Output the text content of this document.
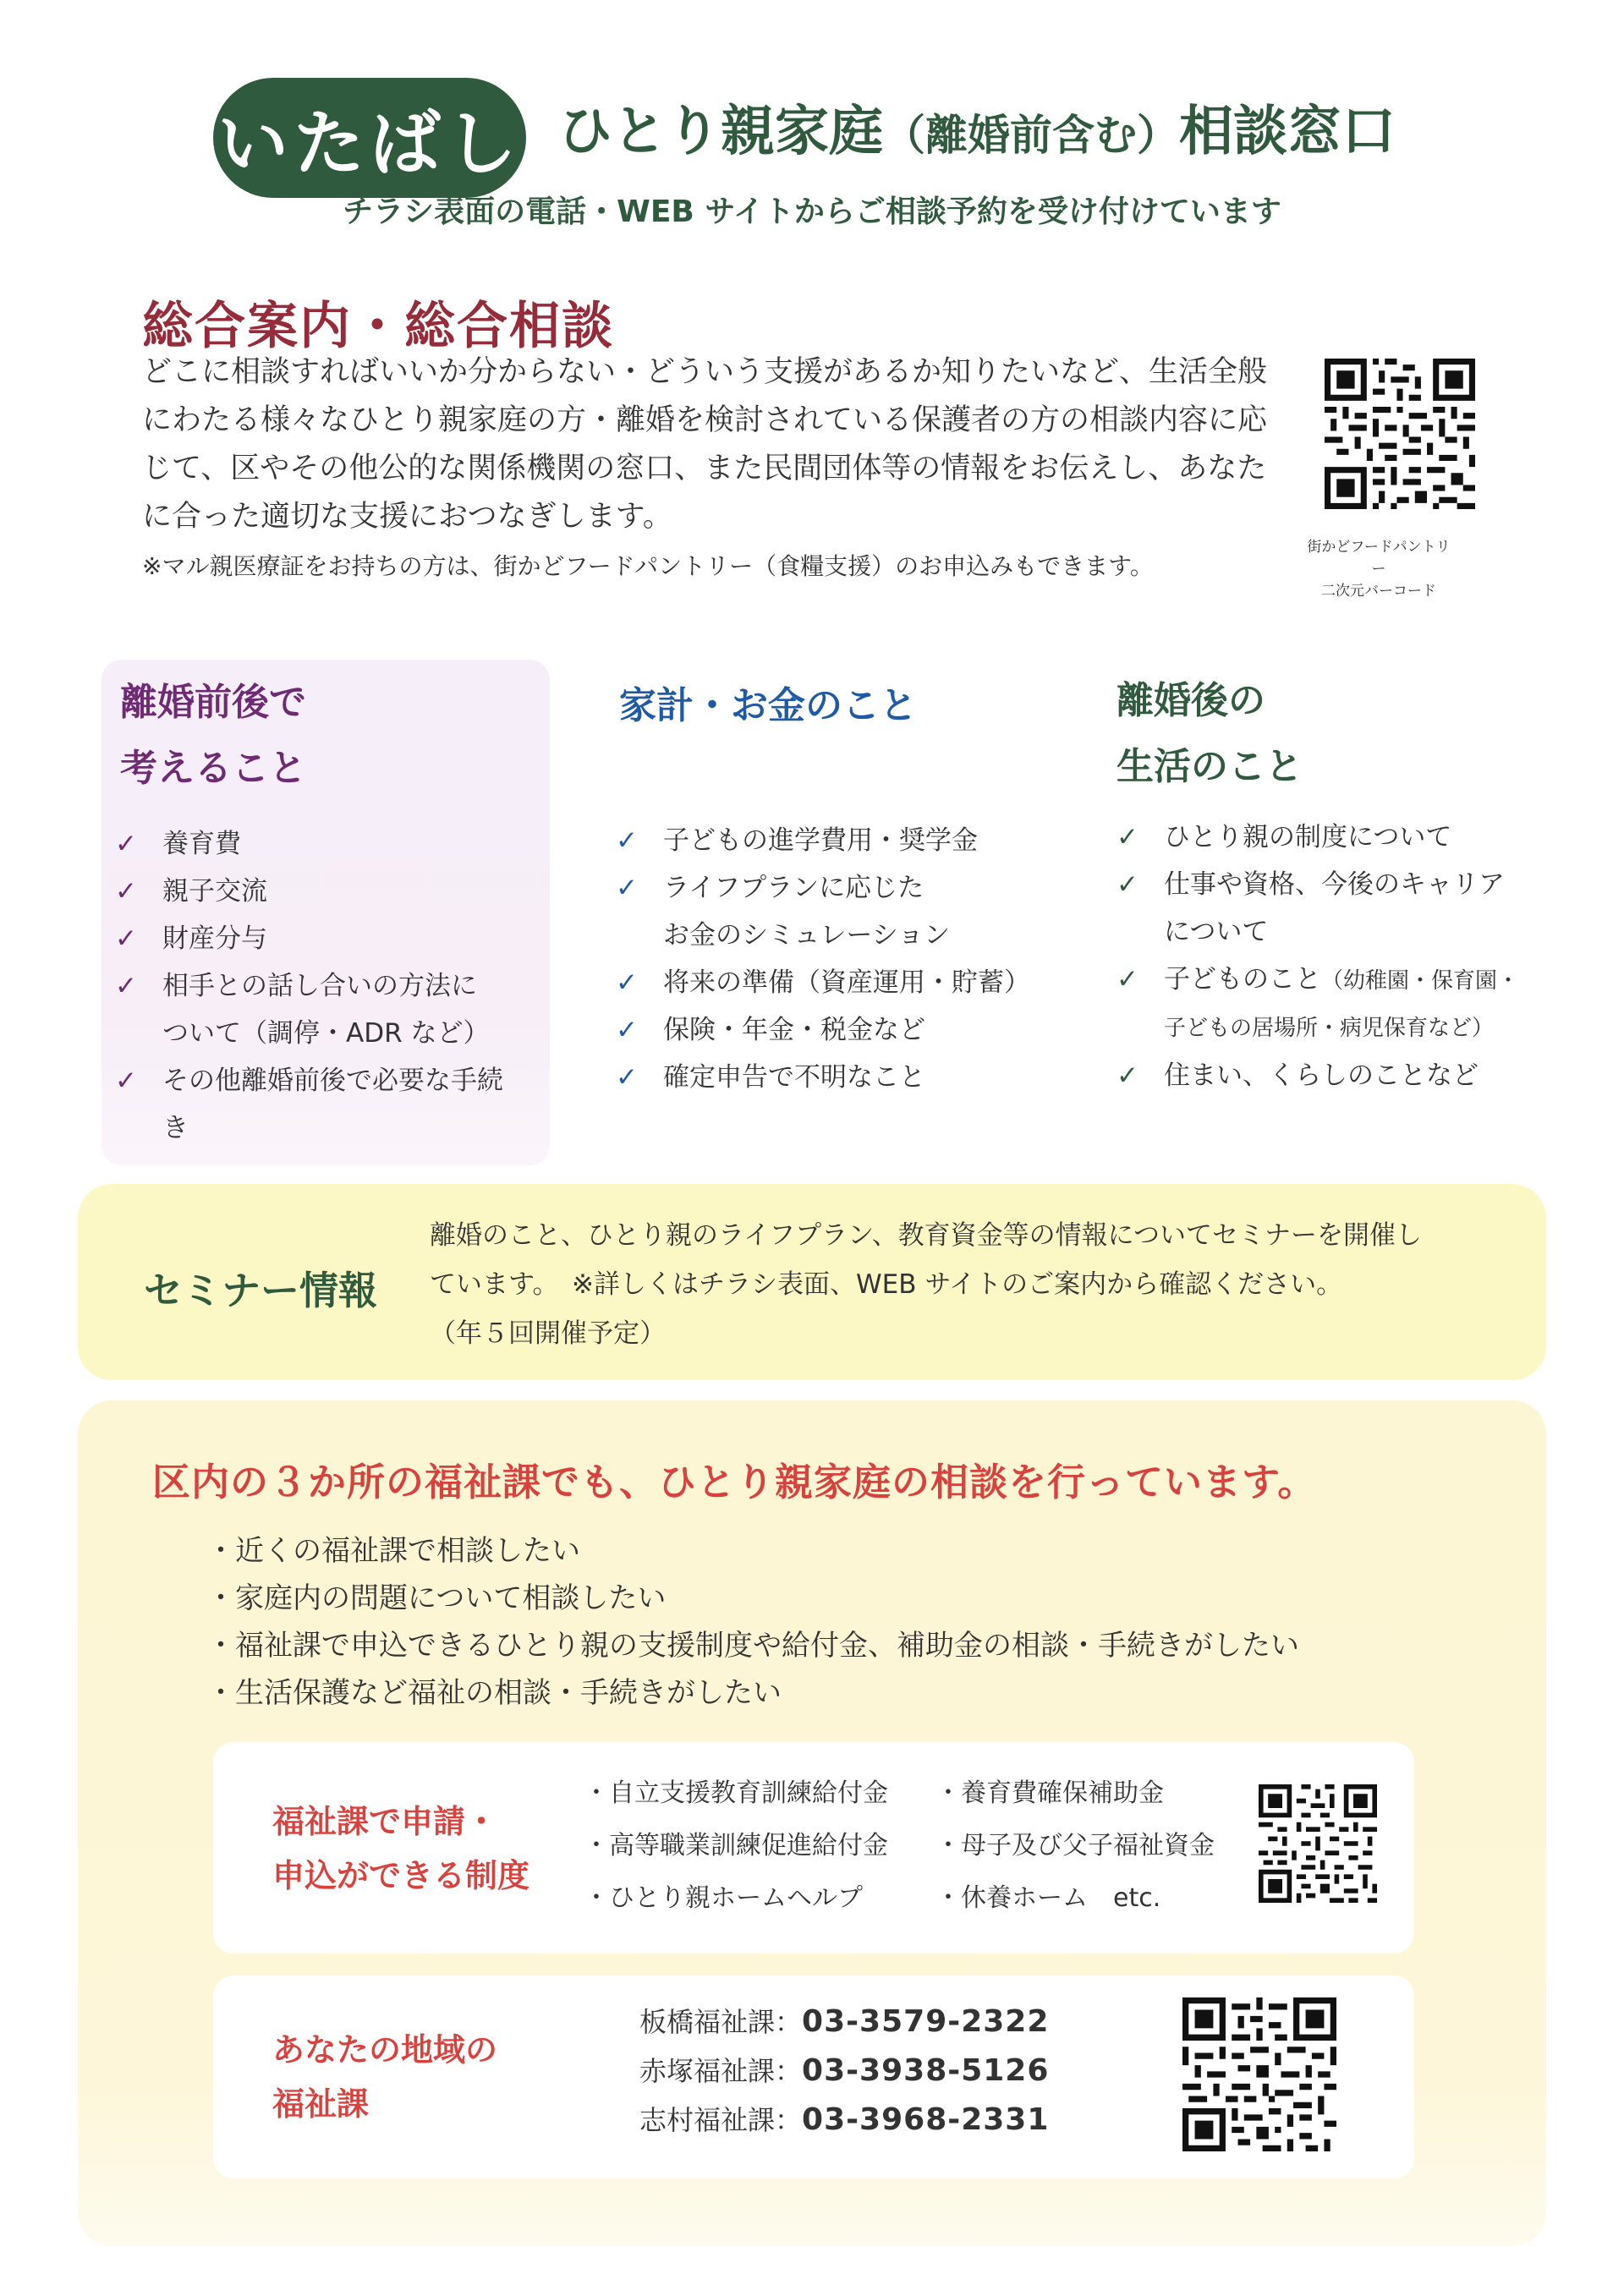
いたばし ひとり親家庭（離婚前含む）相談窓口
チラシ表面の電話・WEB サイトからご相談予約を受け付けています
総合案内・総合相談
どこに相談すればいいか分からない・どういう支援があるか知りたいなど、生活全般にわたる様々なひとり親家庭の方・離婚を検討されている保護者の方の相談内容に応じて、区やその他公的な関係機関の窓口、また民間団体等の情報をお伝えし、あなたに合った適切な支援におつなぎします。
※マル親医療証をお持ちの方は、街かどフードパントリー（食糧支援）のお申込みもできます。
街かどフードパントリー
二次元バーコード
離婚前後で
考えること
✓ 養育費
✓ 親子交流
✓ 財産分与
✓ 相手との話し合いの方法に
ついて（調停・ADR など）
✓ その他離婚前後で必要な手続き
家計・お金のこと
✓ 子どもの進学費用・奨学金
✓ ライフプランに応じた
お金のシミュレーション
✓ 将来の準備（資産運用・貯蓄）
✓ 保険・年金・税金など
✓ 確定申告で不明なこと
離婚後の
生活のこと
✓ ひとり親の制度について
✓ 仕事や資格、今後のキャリア
について
✓ 子どものこと（幼稚園・保育園・
子どもの居場所・病児保育など）
✓ 住まい、くらしのことなど
セミナー情報
離婚のこと、ひとり親のライフプラン、教育資金等の情報についてセミナーを開催し
ています。　※詳しくはチラシ表面、WEB サイトのご案内から確認ください。
（年５回開催予定）
区内の３か所の福祉課でも、ひとり親家庭の相談を行っています。
・近くの福祉課で相談したい
・家庭内の問題について相談したい
・福祉課で申込できるひとり親の支援制度や給付金、補助金の相談・手続きがしたい
・生活保護など福祉の相談・手続きがしたい
福祉課で申請・
申込ができる制度
・自立支援教育訓練給付金
・高等職業訓練促進給付金
・ひとり親ホームヘルプ
・養育費確保補助金
・母子及び父子福祉資金
・休養ホーム　etc.
あなたの地域の
福祉課
板橋福祉課：03-3579-2322
赤塚福祉課：03-3938-5126
志村福祉課：03-3968-2331
